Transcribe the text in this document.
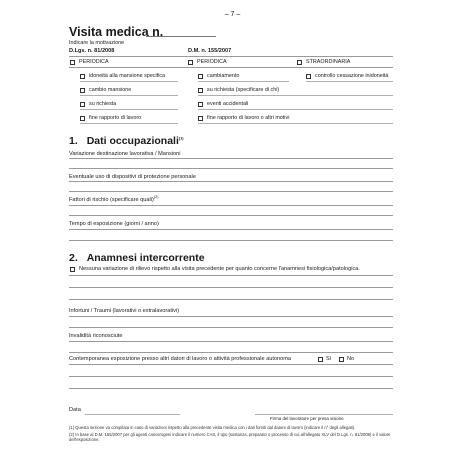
– 7 –
Visita medica n.
Indicare la motivazione
D.Lgs. n. 81/2008	D.M. n. 155/2007
PERIODICA	PERIODICA	STRAORDINARIA
idoneità alla mansione specifica	cambiamento	controllo cessazione inidoneità
cambio mansione	su richiesta (specificare di chi)
su richiesta	eventi accidentali
fine rapporto di lavoro	fine rapporto di lavoro o altri motivi
1. Dati occupazionali$^{(1)}$
Variazione destinazione lavorativa / Mansioni
Eventuale uso di dispositivi di protezione personale
Fattori di rischio (specificare quali)$^{(2)}$
Tempo di esposizione (giorni / anno)
2. Anamnesi intercorrente
Nessuna variazione di rilievo rispetto alla visita precedente per quanto concerne l'anamnesi fisiologica/patologica.
Infortuni / Traumi (lavorativi o extralavorativi)
Invalidità riconosciute
Contemporanea esposizione presso altri datori di lavoro o attività professionale autonoma	Sì	No
Data
Firma del lavoratore per presa visione
(1) Questa sezione va compilata in caso di variazioni rispetto alla precedente visita medica con i dati forniti dal datore di lavoro (indicare il n° degli allegati).
(2) In base al D.M. 155/2007 per gli agenti cancerogeni indicare il numero CAS, il tipo (sostanza, preparato o processo di cui all'allegato XLV del D.Lgs. n. 81/2008) e il valore dell'esposizione.
